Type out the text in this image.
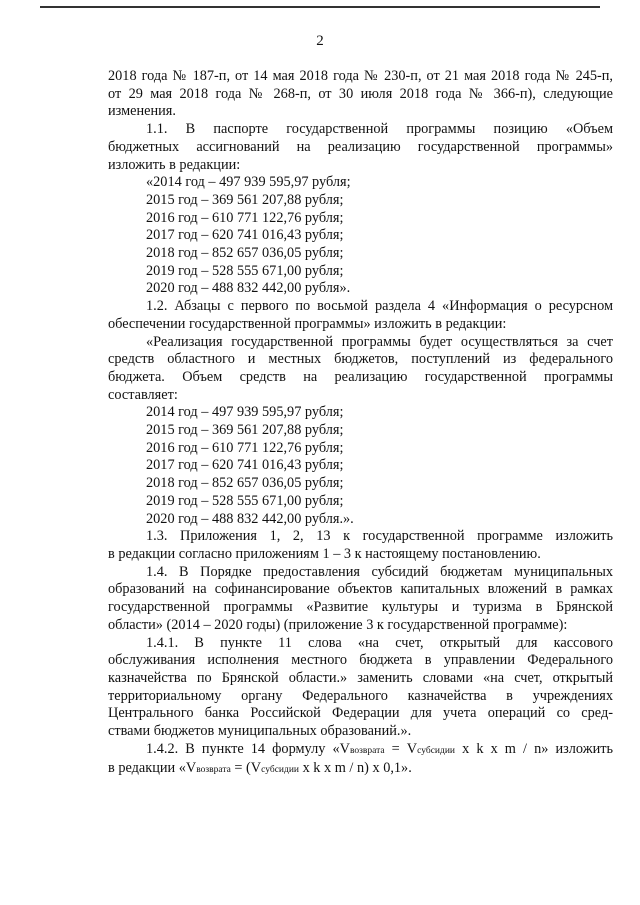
2

2018 года № 187-п, от 14 мая 2018 года № 230-п, от 21 мая 2018 года № 245-п,

от 29 мая 2018 года № 268-п, от 30 июля 2018 года № 366-п), следующие

изменения.

1.1. В паспорте государственной программы позицию «Объем

бюджетных ассигнований на реализацию государственной программы»

изложить в редакции:

«2014 год – 497 939 595,97 рубля;

2015 год – 369 561 207,88 рубля;

2016 год – 610 771 122,76 рубля;

2017 год – 620 741 016,43 рубля;

2018 год – 852 657 036,05 рубля;

2019 год – 528 555 671,00 рубля;

2020 год – 488 832 442,00 рубля».

1.2. Абзацы с первого по восьмой раздела 4 «Информация о ресурсном

обеспечении государственной программы» изложить в редакции:

«Реализация государственной программы будет осуществляться за счет

средств областного и местных бюджетов, поступлений из федерального

бюджета. Объем средств на реализацию государственной программы

составляет:

2014 год – 497 939 595,97 рубля;

2015 год – 369 561 207,88 рубля;

2016 год – 610 771 122,76 рубля;

2017 год – 620 741 016,43 рубля;

2018 год – 852 657 036,05 рубля;

2019 год – 528 555 671,00 рубля;

2020 год – 488 832 442,00 рубля.».

1.3. Приложения 1, 2, 13 к государственной программе изложить

в редакции согласно приложениям 1 – 3 к настоящему постановлению.

1.4. В Порядке предоставления субсидий бюджетам муниципальных

образований на софинансирование объектов капитальных вложений в рамках

государственной программы «Развитие культуры и туризма в Брянской

области» (2014 – 2020 годы) (приложение 3 к государственной программе):

1.4.1. В пункте 11 слова «на счет, открытый для кассового

обслуживания исполнения местного бюджета в управлении Федерального

казначейства по Брянской области.» заменить словами «на счет, открытый

территориальному органу Федерального казначейства в учреждениях

Центрального банка Российской Федерации для учета операций со сред-

ствами бюджетов муниципальных образований.».

1.4.2. В пункте 14 формулу «Vвозврата = Vсубсидии x k x m / n» изложить

в редакции «Vвозврата = (Vсубсидии x k x m / n) x 0,1».
